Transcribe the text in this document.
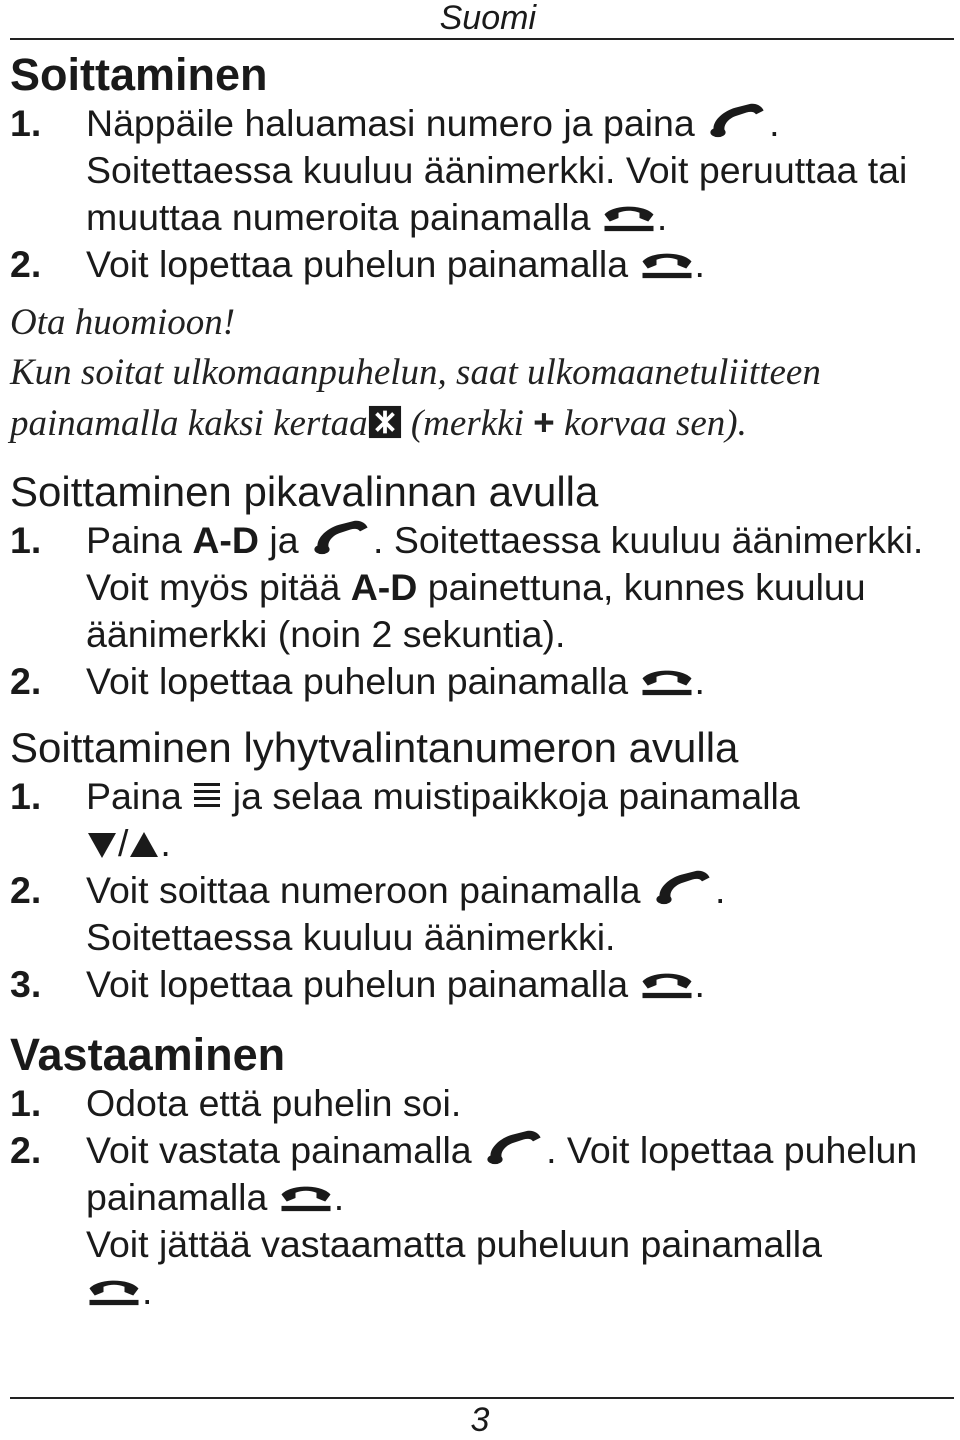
Suomi
Soittaminen
1.	Näppäile haluamasi numero ja paina . Soitettaessa kuuluu äänimerkki. Voit peruuttaa tai muuttaa numeroita painamalla .
2.	Voit lopettaa puhelun painamalla .
Ota huomioon!
Kun soitat ulkomaanpuhelun, saat ulkomaanetuliitteen
painamalla kaksi kertaa (merkki + korvaa sen).
Soittaminen pikavalinnan avulla
1.	Paina A-D ja . Soitettaessa kuuluu äänimerkki. Voit myös pitää A-D painettuna, kunnes kuuluu äänimerkki (noin 2 sekuntia).
2.	Voit lopettaa puhelun painamalla .
Soittaminen lyhytvalintanumeron avulla
1.	Paina ja selaa muistipaikkoja painamalla
/ .
2.	Voit soittaa numeroon painamalla .
Soitettaessa kuuluu äänimerkki.
3.	Voit lopettaa puhelun painamalla .
Vastaaminen
1.	Odota että puhelin soi.
2.	Voit vastata painamalla . Voit lopettaa puhelun painamalla .
Voit jättää vastaamatta puheluun painamalla
.
3
